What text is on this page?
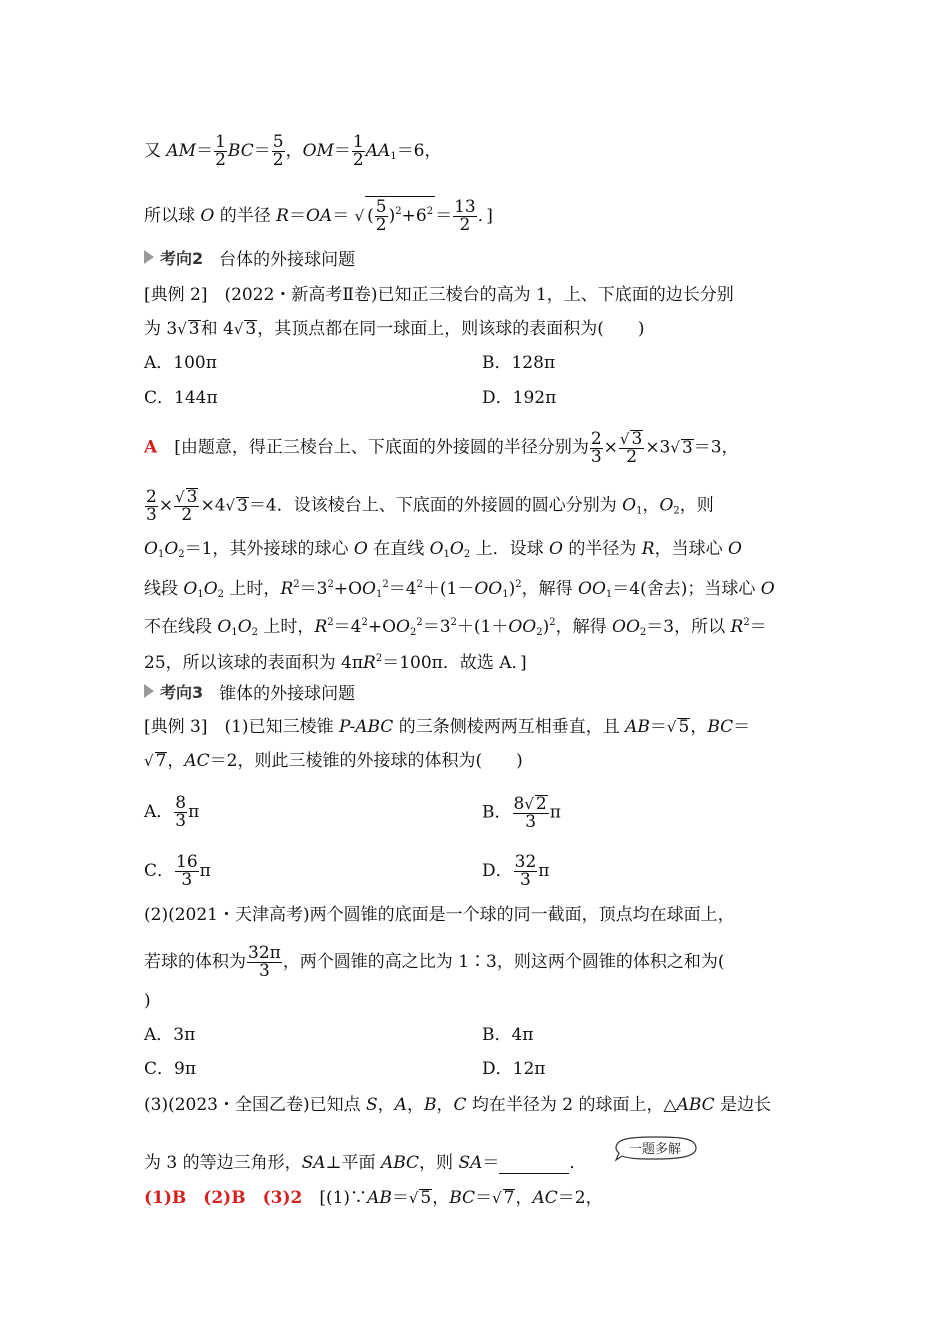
又 $AM= \frac{1}{2} BC= \frac{5}{2}$ ，$OM= \frac{1}{2} AA_1=6$，
所以球 O 的半径 R＝OA＝ √ ( $\frac{5}{2} )^2+6^2 = \frac{13}{2}$ ．]
考向2 台体的外接球问题
[典例 2]　(2022・新高考Ⅱ卷)已知正三棱台的高为 1，上、下底面的边长分别
为 3√ 3和 4√ 3，其顶点都在同一球面上，则该球的表面积为(　　)
A．100π	B．128π
C．144π	D．192π
A　[由题意，得正三棱台上、下底面的外接圆的半径分别为 $\frac{2}{3} \times \frac{√ 3}{2} \times 3√$ 3＝3，
$\frac{2}{3} \times \frac{√ 3}{2} \times 4√$ 3＝4．设该棱台上、下底面的外接圆的圆心分别为 $O_1$，$O_2$，则
$O_1O_2=1$，其外接球的球心 O 在直线 $O_1O_2$ 上．设球 O 的半径为 R，当球心 O
线段 $O_1O_2$ 上时，$R^2=3^2+OO_1^2=4^2+(1-OO_1)^2$，解得 $OO_1=4$(舍去)；当球心 O
不在线段 $O_1O_2$ 上时，$R^2=4^2+OO_2^2=3^2+(1+OO_2)^2$，解得 $OO_2=3$，所以 $R^2=$
25，所以该球的表面积为 $4\pi R^2=100\pi$．故选 A．]
考向3 锥体的外接球问题
[典例 3]　(1)已知三棱锥 P-ABC 的三条侧棱两两互相垂直，且 AB＝√ 5，BC＝
√ 7，AC＝2，则此三棱锥的外接球的体积为(　　)
A． $\frac{8}{3}$ π	B． $\frac{8√ 2}{3}$ π
C． $\frac{16}{3}$ π	D． $\frac{32}{3}$ π
(2)(2021・天津高考)两个圆锥的底面是一个球的同一截面，顶点均在球面上，
若球的体积为 $\frac{32\pi}{3}$ ，两个圆锥的高之比为 1∶3，则这两个圆锥的体积之和为(
)
A．3π	B．4π
C．9π	D．12π
(3)(2023・全国乙卷)已知点 S，A，B，C 均在半径为 2 的球面上，△ABC 是边长
为 3 的等边三角形，SA⊥平面 ABC，则 SA＝	．
一题多解
(1)B　 (2)B　 (3)2　 [(1)∵AB＝√ 5，BC＝√ 7，AC＝2，
